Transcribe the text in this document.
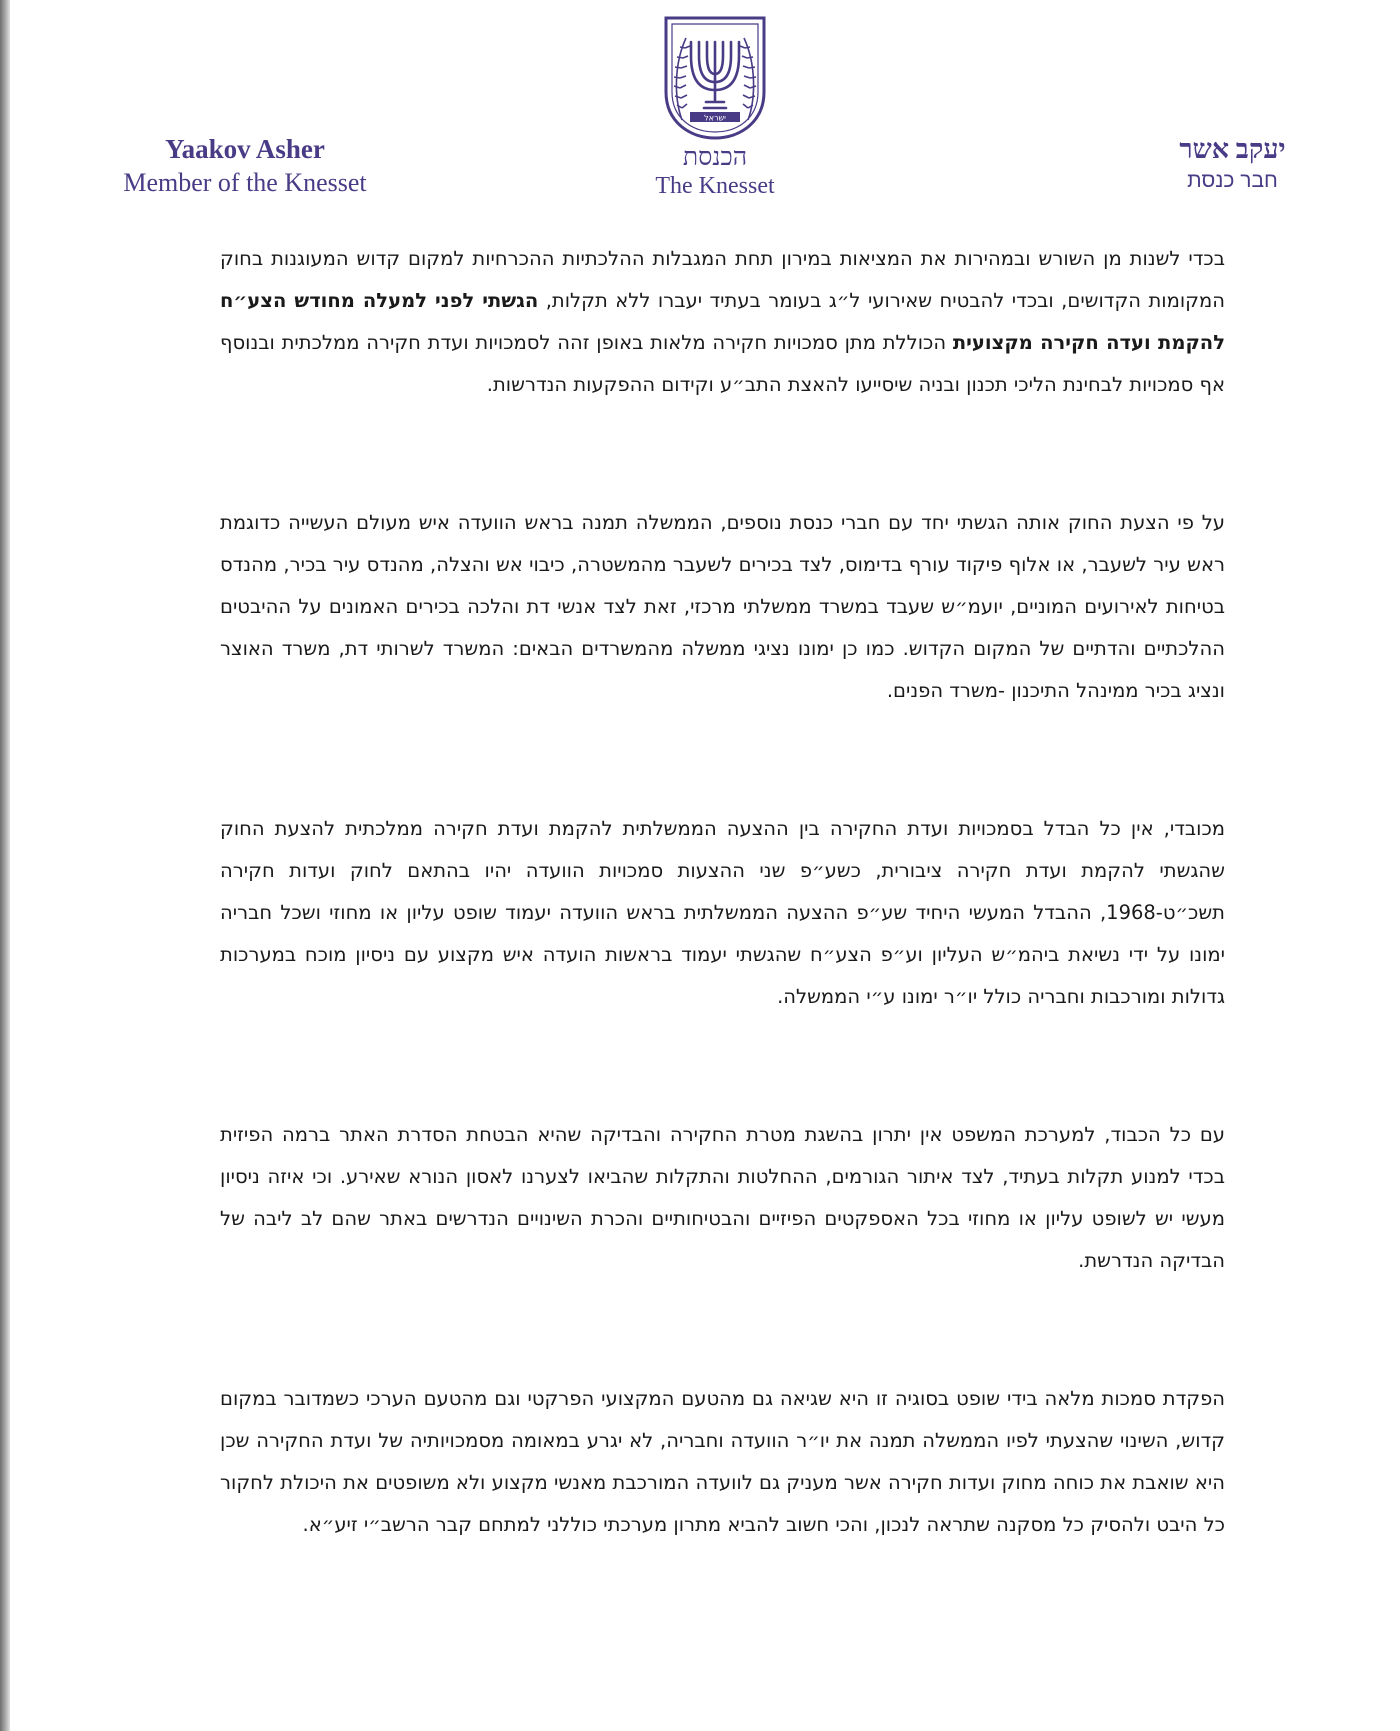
Yaakov Asher
Member of the Knesset
ישראל
הכנסת
The Knesset
יעקב אשר
חבר כנסת

בכדי לשנות מן השורש ובמהירות את המציאות במירון תחת המגבלות ההלכתיות ההכרחיות למקום קדוש המעוגנות בחוק המקומות הקדושים, ובכדי להבטיח שאירועי ל״ג בעומר בעתיד יעברו ללא תקלות, הגשתי לפני למעלה מחודש הצע״ח להקמת ועדה חקירה מקצועית הכוללת מתן סמכויות חקירה מלאות באופן זהה לסמכויות ועדת חקירה ממלכתית ובנוסף אף סמכויות לבחינת הליכי תכנון ובניה שיסייעו להאצת התב״ע וקידום ההפקעות הנדרשות.

על פי הצעת החוק אותה הגשתי יחד עם חברי כנסת נוספים, הממשלה תמנה בראש הוועדה איש מעולם העשייה כדוגמת ראש עיר לשעבר, או אלוף פיקוד עורף בדימוס, לצד בכירים לשעבר מהמשטרה, כיבוי אש והצלה, מהנדס עיר בכיר, מהנדס בטיחות לאירועים המוניים, יועמ״ש שעבד במשרד ממשלתי מרכזי, זאת לצד אנשי דת והלכה בכירים האמונים על ההיבטים ההלכתיים והדתיים של המקום הקדוש. כמו כן ימונו נציגי ממשלה מהמשרדים הבאים: המשרד לשרותי דת, משרד האוצר ונציג בכיר ממינהל התיכנון -משרד הפנים.

מכובדי, אין כל הבדל בסמכויות ועדת החקירה בין ההצעה הממשלתית להקמת ועדת חקירה ממלכתית להצעת החוק שהגשתי להקמת ועדת חקירה ציבורית, כשע״פ שני ההצעות סמכויות הוועדה יהיו בהתאם לחוק ועדות חקירה תשכ״ט-1968, ההבדל המעשי היחיד שע״פ ההצעה הממשלתית בראש הוועדה יעמוד שופט עליון או מחוזי ושכל חבריה ימונו על ידי נשיאת ביהמ״ש העליון וע״פ הצע״ח שהגשתי יעמוד בראשות הועדה איש מקצוע עם ניסיון מוכח במערכות גדולות ומורכבות וחבריה כולל יו״ר ימונו ע״י הממשלה.

עם כל הכבוד, למערכת המשפט אין יתרון בהשגת מטרת החקירה והבדיקה שהיא הבטחת הסדרת האתר ברמה הפיזית בכדי למנוע תקלות בעתיד, לצד איתור הגורמים, ההחלטות והתקלות שהביאו לצערנו לאסון הנורא שאירע. וכי איזה ניסיון מעשי יש לשופט עליון או מחוזי בכל האספקטים הפיזיים והבטיחותיים והכרת השינויים הנדרשים באתר שהם לב ליבה של הבדיקה הנדרשת.

הפקדת סמכות מלאה בידי שופט בסוגיה זו היא שגיאה גם מהטעם המקצועי הפרקטי וגם מהטעם הערכי כשמדובר במקום קדוש, השינוי שהצעתי לפיו הממשלה תמנה את יו״ר הוועדה וחבריה, לא יגרע במאומה מסמכויותיה של ועדת החקירה שכן היא שואבת את כוחה מחוק ועדות חקירה אשר מעניק גם לוועדה המורכבת מאנשי מקצוע ולא משופטים את היכולת לחקור כל היבט ולהסיק כל מסקנה שתראה לנכון, והכי חשוב להביא מתרון מערכתי כוללני למתחם קבר הרשב״י זיע״א.
